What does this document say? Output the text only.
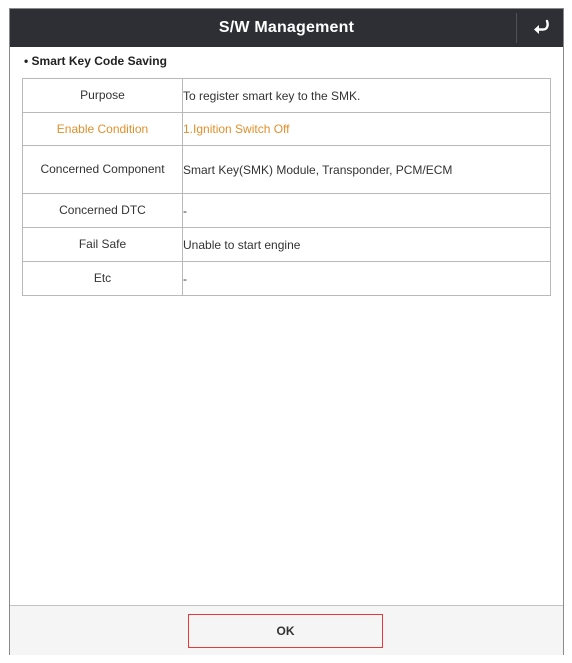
S/W Management
• Smart Key Code Saving
Purpose	To register smart key to the SMK.
Enable Condition	1.Ignition Switch Off
Concerned Component	Smart Key(SMK) Module, Transponder, PCM/ECM
Concerned DTC	-
Fail Safe	Unable to start engine
Etc	-
OK
